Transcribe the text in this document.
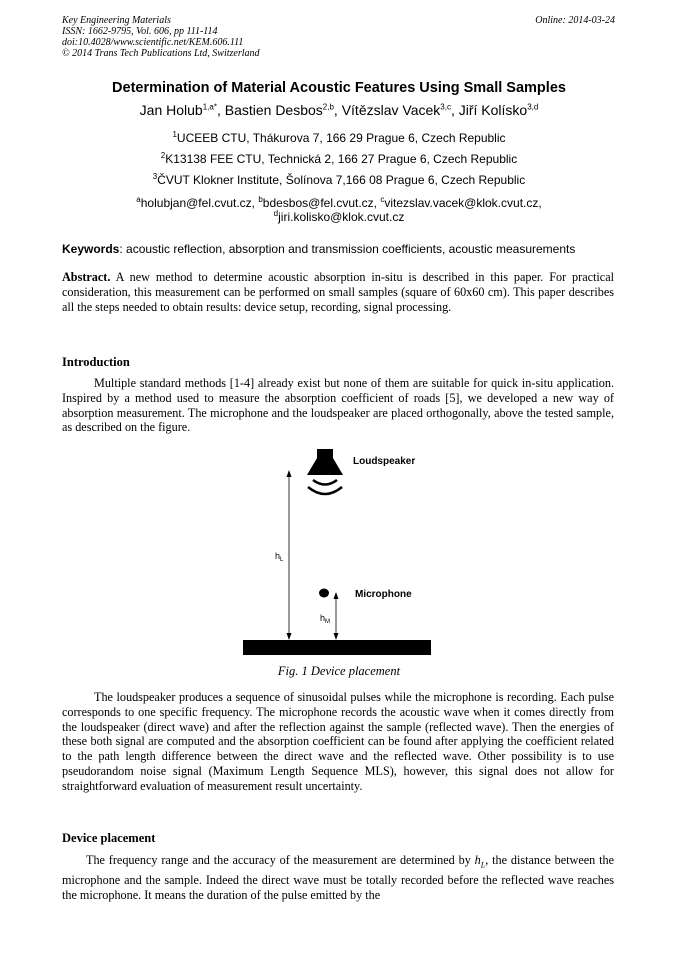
Key Engineering Materials
ISSN: 1662-9795, Vol. 606, pp 111-114
doi:10.4028/www.scientific.net/KEM.606.111
© 2014 Trans Tech Publications Ltd, Switzerland
Online: 2014-03-24
Determination of Material Acoustic Features Using Small Samples
Jan Holub$^{1,a*}$, Bastien Desbos$^{2,b}$, Vítězslav Vacek$^{3,c}$, Jiří Kolísko$^{3,d}$
$^1$UCEEB CTU, Thákurova 7, 166 29 Prague 6, Czech Republic
$^2$K13138 FEE CTU, Technická 2, 166 27 Prague 6, Czech Republic
$^3$ČVUT Klokner Institute, Šolínova 7,166 08 Prague 6, Czech Republic
$^a$holubjan@fel.cvut.cz, $^b$bdesbos@fel.cvut.cz, $^c$vitezslav.vacek@klok.cvut.cz,
$^d$jiri.kolisko@klok.cvut.cz
Keywords: acoustic reflection, absorption and transmission coefficients, acoustic measurements
Abstract. A new method to determine acoustic absorption in-situ is described in this paper. For practical consideration, this measurement can be performed on small samples (square of 60x60 cm). This paper describes all the steps needed to obtain results: device setup, recording, signal processing.
Introduction
Multiple standard methods [1-4] already exist but none of them are suitable for quick in-situ application. Inspired by a method used to measure the absorption coefficient of roads [5], we developed a new way of absorption measurement. The microphone and the loudspeaker are placed orthogonally, above the tested sample, as described on the figure.
Loudspeaker
Microphone
$h_L$
$h_M$
Fig. 1 Device placement
The loudspeaker produces a sequence of sinusoidal pulses while the microphone is recording. Each pulse corresponds to one specific frequency. The microphone records the acoustic wave when it comes directly from the loudspeaker (direct wave) and after the reflection against the sample (reflected wave). Then the energies of these both signal are computed and the absorption coefficient can be found after applying the coefficient related to the path length difference between the direct wave and the reflected wave. Other possibility is to use pseudorandom noise signal (Maximum Length Sequence MLS), however, this signal does not allow for straightforward evaluation of measurement result uncertainty.
Device placement
The frequency range and the accuracy of the measurement are determined by $h_L$, the distance between the microphone and the sample. Indeed the direct wave must be totally recorded before the reflected wave reaches the microphone. It means the duration of the pulse emitted by the
